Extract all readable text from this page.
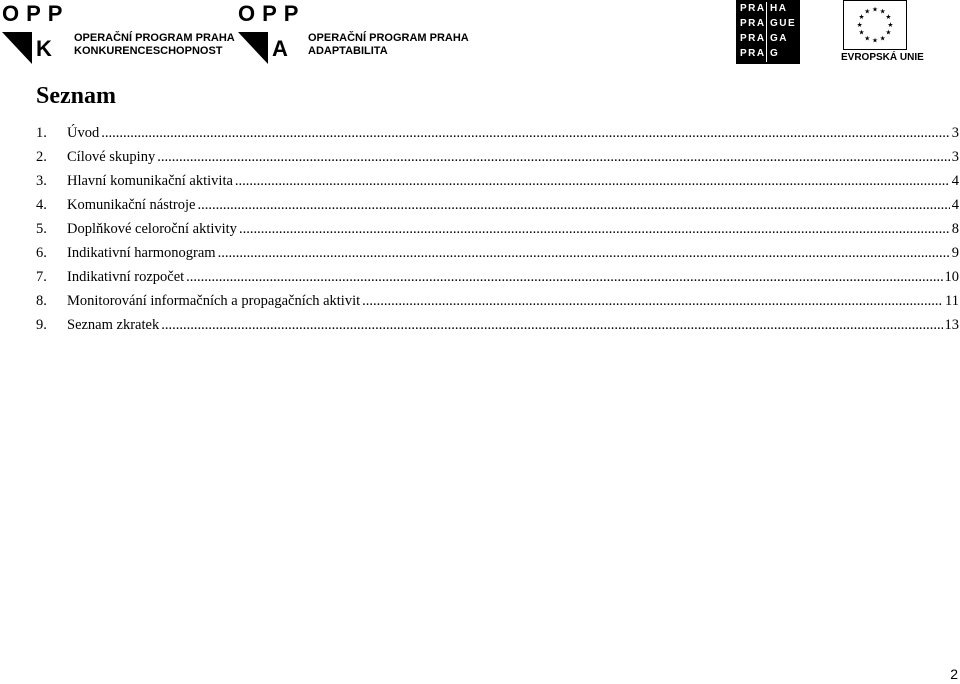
OPP
K OPERAČNÍ PROGRAM PRAHA
KONKURENCESCHOPNOST
OPP
A OPERAČNÍ PROGRAM PRAHA
ADAPTABILITA
PRA
PRA
PRA
PRA
HA
GUE
GA
G
★ ★
★
★
★
★
★
★
★
★
★
★
EVROPSKÁ UNIE
Seznam
1.	Úvod .....	3
2.	Cílové skupiny .....	3
3.	Hlavní komunikační aktivita .....	4
4.	Komunikační nástroje .....	4
5.	Doplňkové celoroční aktivity .....	8
6.	Indikativní harmonogram .....	9
7.	Indikativní rozpočet .....	10
8.	Monitorování informačních a propagačních aktivit .....	11
9.	Seznam zkratek .....	13
2
